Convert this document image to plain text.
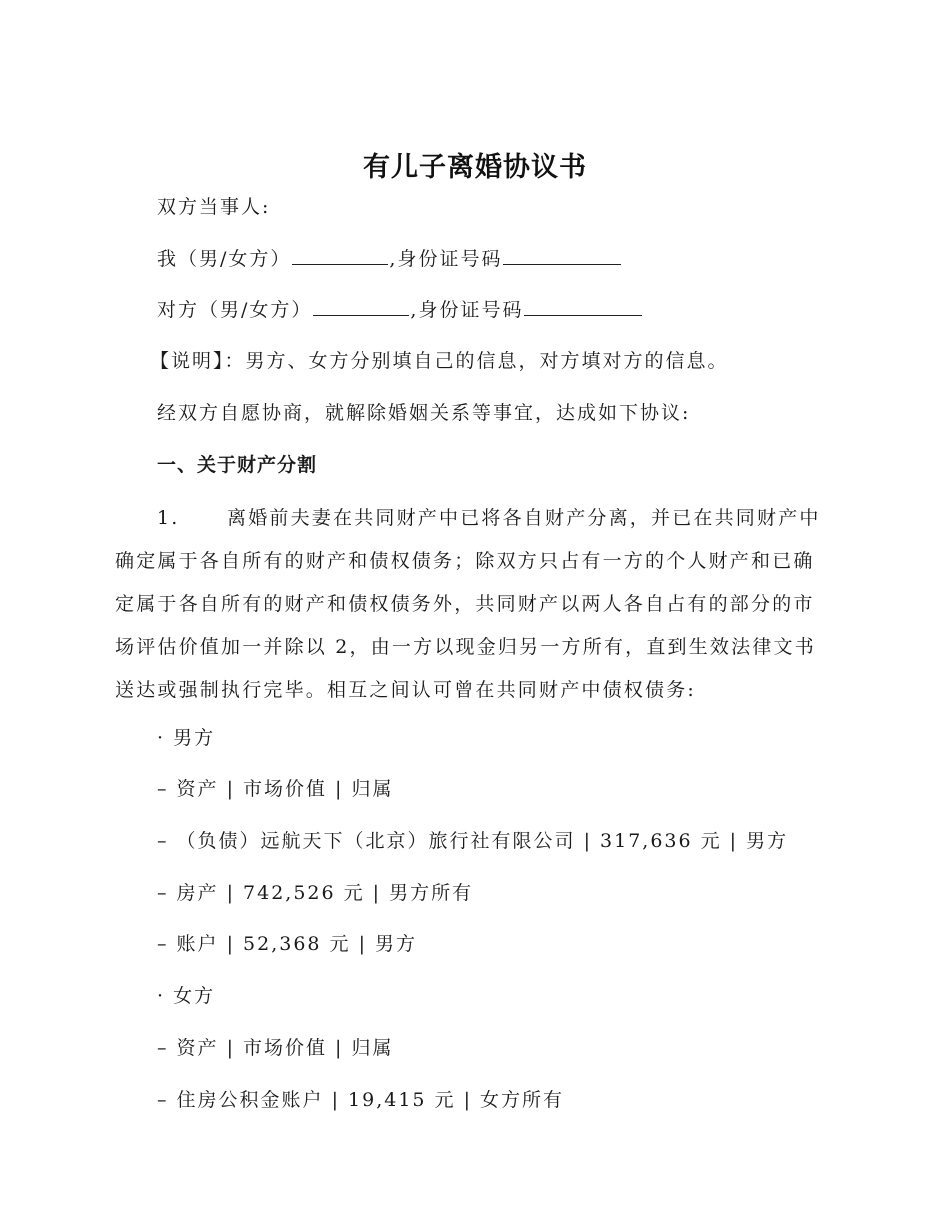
有儿子离婚协议书
双方当事人:
我（男/女方）	,身份证号码
对方（男/女方）	,身份证号码
【说明】：男方、女方分别填自己的信息，对方填对方的信息。
经双方自愿协商，就解除婚姻关系等事宜，达成如下协议:
一、关于财产分割
1. 离婚前夫妻在共同财产中已将各自财产分离，并已在共同财产中确定属于各自所有的财产和债权债务；除双方只占有一方的个人财产和已确定属于各自所有的财产和债权债务外，共同财产以两人各自占有的部分的市场评估价值加一并除以 2，由一方以现金归另一方所有，直到生效法律文书送达或强制执行完毕。相互之间认可曾在共同财产中债权债务:
· 男方
– 资产 | 市场价值 | 归属
– （负债）远航天下（北京）旅行社有限公司 | 317,636 元 | 男方
– 房产 | 742,526 元 | 男方所有
– 账户 | 52,368 元 | 男方
· 女方
– 资产 | 市场价值 | 归属
– 住房公积金账户 | 19,415 元 | 女方所有
